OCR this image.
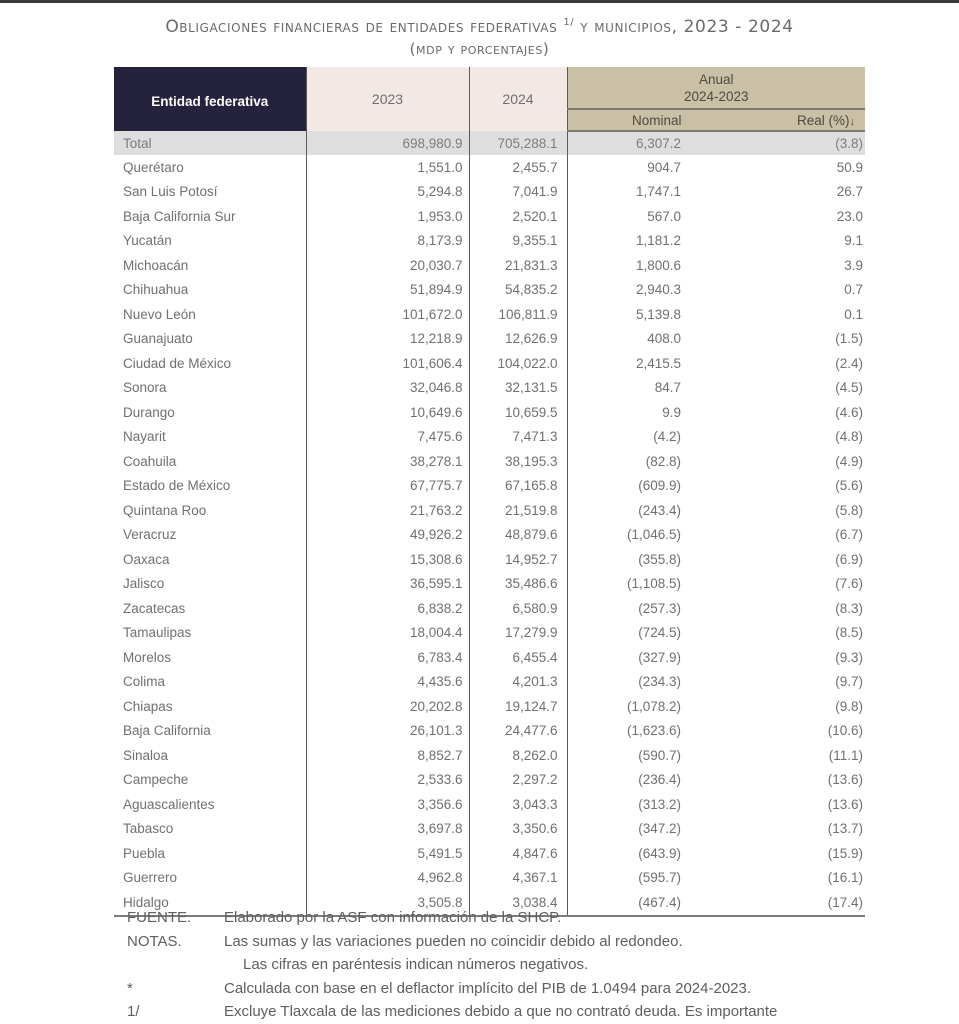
Obligaciones financieras de entidades federativas $^{1/}$ y municipios, 2023 - 2024
(mdp y porcentajes)
Entidad federativa	2023	2024	Anual
2024-2023	

			Nominal	Real (%)↓
Total	698,980.9	705,288.1	6,307.2	(3.8)
Querétaro	1,551.0	2,455.7	904.7	50.9
San Luis Potosí	5,294.8	7,041.9	1,747.1	26.7
Baja California Sur	1,953.0	2,520.1	567.0	23.0
Yucatán	8,173.9	9,355.1	1,181.2	9.1
Michoacán	20,030.7	21,831.3	1,800.6	3.9
Chihuahua	51,894.9	54,835.2	2,940.3	0.7
Nuevo León	101,672.0	106,811.9	5,139.8	0.1
Guanajuato	12,218.9	12,626.9	408.0	(1.5)
Ciudad de México	101,606.4	104,022.0	2,415.5	(2.4)
Sonora	32,046.8	32,131.5	84.7	(4.5)
Durango	10,649.6	10,659.5	9.9	(4.6)
Nayarit	7,475.6	7,471.3	(4.2)	(4.8)
Coahuila	38,278.1	38,195.3	(82.8)	(4.9)
Estado de México	67,775.7	67,165.8	(609.9)	(5.6)
Quintana Roo	21,763.2	21,519.8	(243.4)	(5.8)
Veracruz	49,926.2	48,879.6	(1,046.5)	(6.7)
Oaxaca	15,308.6	14,952.7	(355.8)	(6.9)
Jalisco	36,595.1	35,486.6	(1,108.5)	(7.6)
Zacatecas	6,838.2	6,580.9	(257.3)	(8.3)
Tamaulipas	18,004.4	17,279.9	(724.5)	(8.5)
Morelos	6,783.4	6,455.4	(327.9)	(9.3)
Colima	4,435.6	4,201.3	(234.3)	(9.7)
Chiapas	20,202.8	19,124.7	(1,078.2)	(9.8)
Baja California	26,101.3	24,477.6	(1,623.6)	(10.6)
Sinaloa	8,852.7	8,262.0	(590.7)	(11.1)
Campeche	2,533.6	2,297.2	(236.4)	(13.6)
Aguascalientes	3,356.6	3,043.3	(313.2)	(13.6)
Tabasco	3,697.8	3,350.6	(347.2)	(13.7)
Puebla	5,491.5	4,847.6	(643.9)	(15.9)
Guerrero	4,962.8	4,367.1	(595.7)	(16.1)
Hidalgo	3,505.8	3,038.4	(467.4)	(17.4)
FUENTE.	Elaborado por la ASF con información de la SHCP.
NOTAS.	Las sumas y las variaciones pueden no coincidir debido al redondeo.
Las cifras en paréntesis indican números negativos.
*	Calculada con base en el deflactor implícito del PIB de 1.0494 para 2024-2023.
1/	Excluye Tlaxcala de las mediciones debido a que no contrató deuda. Es importante
